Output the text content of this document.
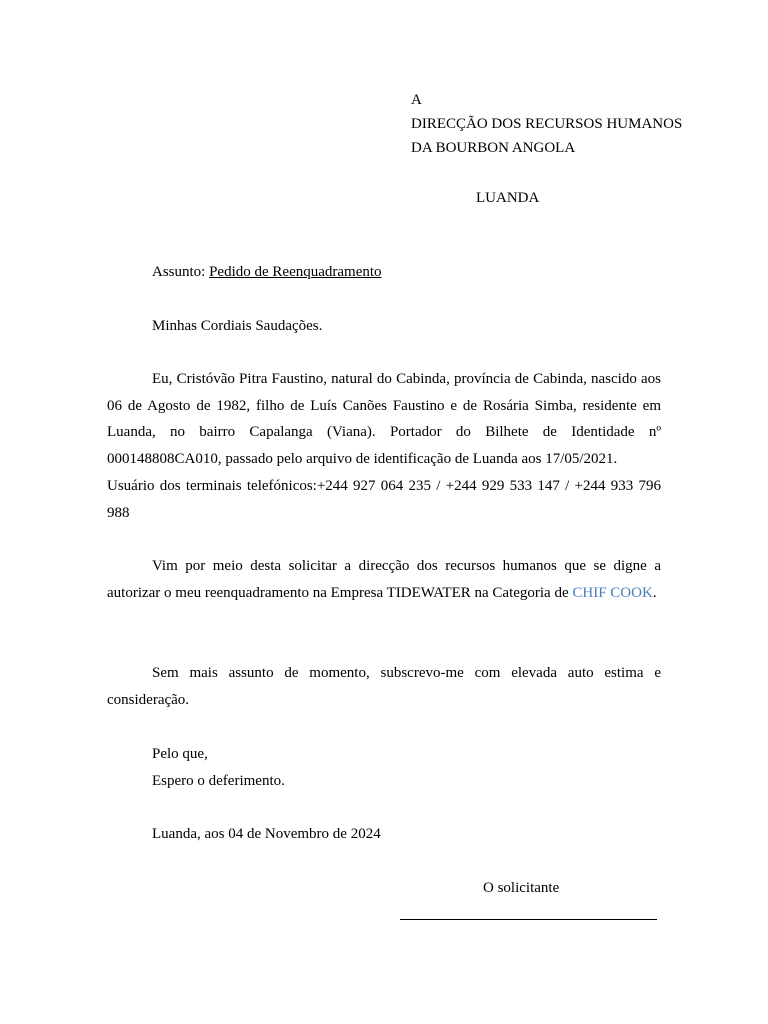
A
DIRECÇÃO DOS RECURSOS HUMANOS
DA BOURBON ANGOLA
LUANDA
Assunto: Pedido de Reenquadramento
Minhas Cordiais Saudações.
Eu, Cristóvão Pitra Faustino, natural do Cabinda, província de Cabinda, nascido aos 06 de Agosto de 1982, filho de Luís Canões Faustino e de Rosária Simba, residente em Luanda, no bairro Capalanga (Viana). Portador do Bilhete de Identidade nº 000148808CA010, passado pelo arquivo de identificação de Luanda aos 17/05/2021.
Usuário dos terminais telefónicos:+244 927 064 235 / +244 929 533 147 / +244 933 796 988
Vim por meio desta solicitar a direcção dos recursos humanos que se digne a autorizar o meu reenquadramento na Empresa TIDEWATER na Categoria de CHIF COOK.
Sem mais assunto de momento, subscrevo-me com elevada auto estima e consideração.
Pelo que,
Espero o deferimento.
Luanda, aos 04 de Novembro de 2024
O solicitante
